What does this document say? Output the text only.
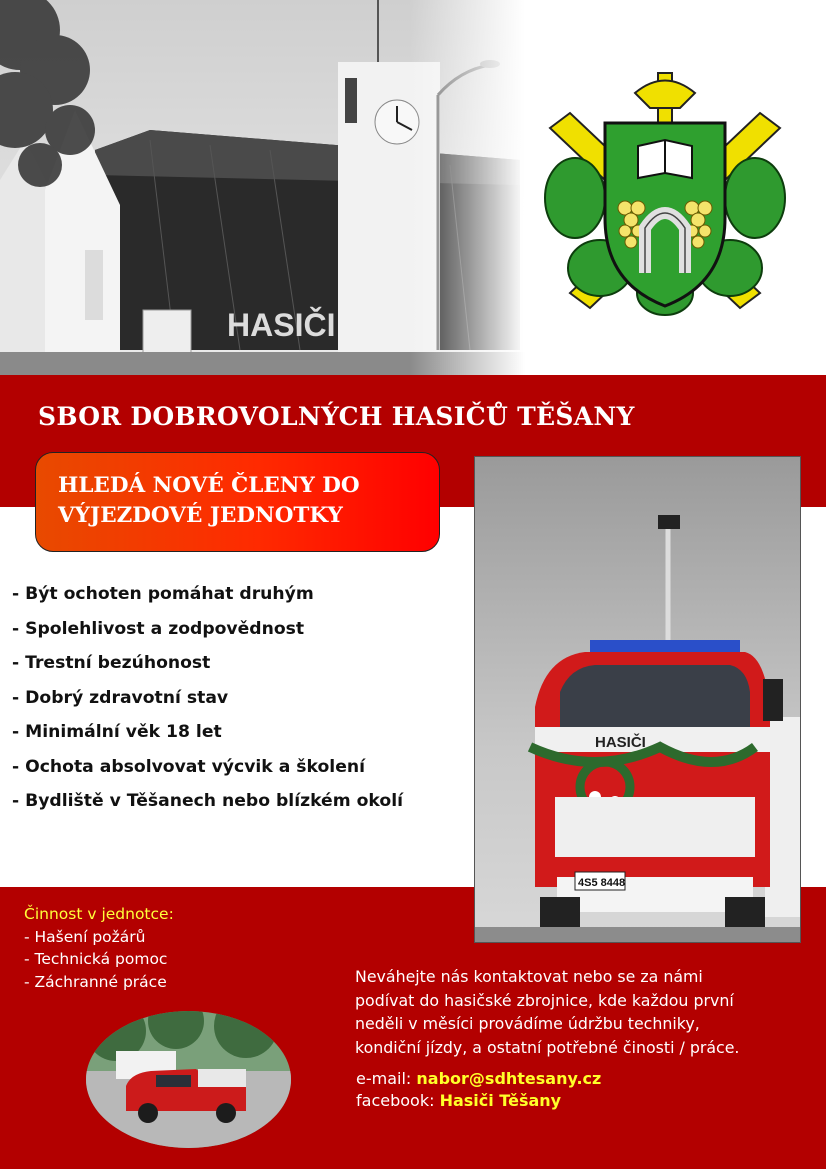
SBOR DOBROVOLNÝCH HASIČŮ TĚŠANY
HLEDÁ NOVÉ ČLENY DO
VÝJEZDOVÉ JEDNOTKY
HASIČI
4S5 8448
- Být ochoten pomáhat druhým
- Spolehlivost a zodpovědnost
- Trestní bezúhonost
- Dobrý zdravotní stav
- Minimální věk 18 let
- Ochota absolvovat výcvik a školení
- Bydliště v Těšanech nebo blízkém okolí
Činnost v jednotce:
- Hašení požárů
- Technická pomoc
- Záchranné práce	Neváhejte nás kontaktovat nebo se za námi
podívat do hasičské zbrojnice, kde každou první
neděli v měsíci provádíme údržbu techniky,
kondiční jízdy, a ostatní potřebné činosti / práce.
e-mail: nabor@sdhtesany.cz
facebook: Hasiči Těšany
